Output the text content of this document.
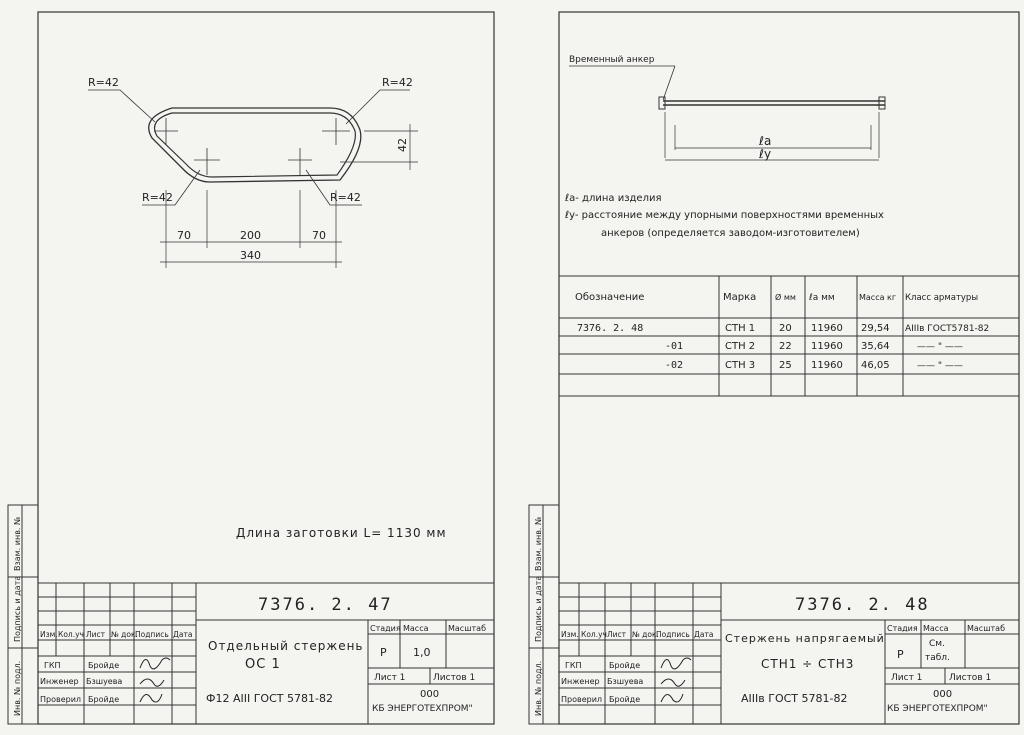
R=42	R=42
R=42	R=42
42
70	200	70
340
Длина заготовки L= 1130 мм
Инв. № подл.
Подпись и дата
Взам. инв. №
Изм. Кол.уч Лист № док.
Подпись Дата
ГКП
Инженер
Проверил
Бройде
Бзшуева
Бройде
7376. 2. 47
Отдельный стержень
ОС 1
Ф12 АIII ГОСТ 5781-82
Стадия Масса Масштаб
Р 1,0
Лист 1	Листов 1
000
КБ ЭНЕРГОТЕХПРОМ"
Временный анкер
ℓa
ℓy
ℓa- длина изделия
ℓy- расстояние между упорными поверхностями временных
анкеров (определяется заводом-изготовителем)
Обозначение	Марка Ø мм ℓa мм	Масса кг Класс арматуры
7376. 2. 48	СТН 1 20 11960 29,54 АIIIв ГОСТ5781-82
-01	СТН 2 22 11960 35,64	—— " ——
-02	СТН 3 25 11960 46,05	—— " ——
Инв. № подл.
Подпись и дата
Взам. инв. №
Изм. Кол.уч Лист № док.
Подпись Дата
ГКП
Инженер
Проверил
Бройде
Бзшуева
Бройде
7376. 2. 48
Стержень напрягаемый
СТН1 ÷ СТН3
АIIIв ГОСТ 5781-82
Стадия Масса Масштаб
Р
См.
табл.
Лист 1	Листов 1
000
КБ ЭНЕРГОТЕХПРОМ"
